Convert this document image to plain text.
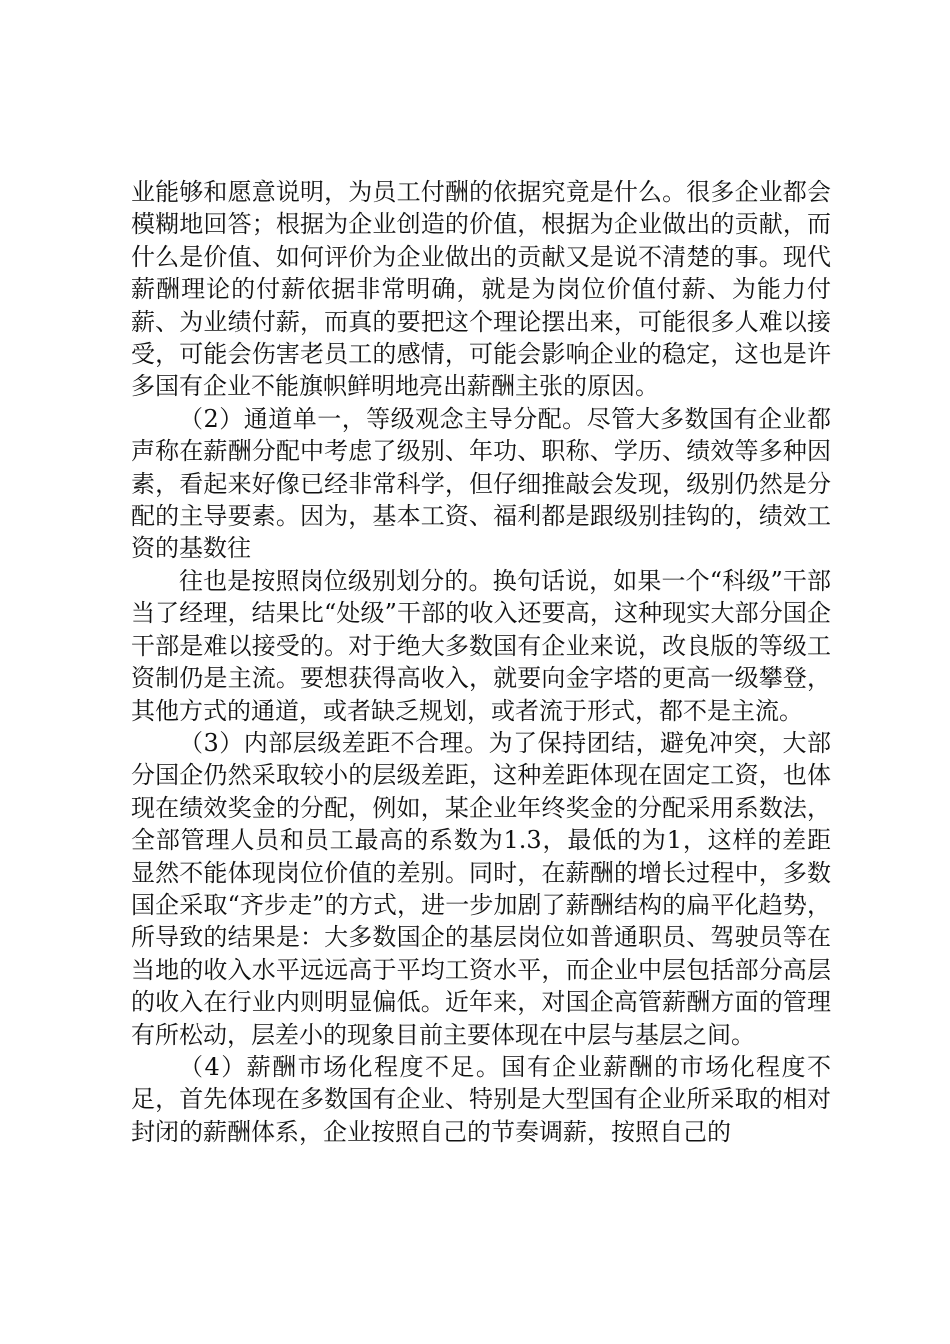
业能够和愿意说明，为员工付酬的依据究竟是什么。很多企业都会模糊地回答；根据为企业创造的价值，根据为企业做出的贡献，而什么是价值、如何评价为企业做出的贡献又是说不清楚的事。现代薪酬理论的付薪依据非常明确，就是为岗位价值付薪、为能力付薪、为业绩付薪，而真的要把这个理论摆出来，可能很多人难以接受，可能会伤害老员工的感情，可能会影响企业的稳定，这也是许多国有企业不能旗帜鲜明地亮出薪酬主张的原因。

（2）通道单一，等级观念主导分配。尽管大多数国有企业都声称在薪酬分配中考虑了级别、年功、职称、学历、绩效等多种因素，看起来好像已经非常科学，但仔细推敲会发现，级别仍然是分配的主导要素。因为，基本工资、福利都是跟级别挂钩的，绩效工资的基数往

往也是按照岗位级别划分的。换句话说，如果一个“科级”干部当了经理，结果比“处级”干部的收入还要高，这种现实大部分国企干部是难以接受的。对于绝大多数国有企业来说，改良版的等级工资制仍是主流。要想获得高收入，就要向金字塔的更高一级攀登，其他方式的通道，或者缺乏规划，或者流于形式，都不是主流。

（3）内部层级差距不合理。为了保持团结，避免冲突，大部分国企仍然采取较小的层级差距，这种差距体现在固定工资，也体现在绩效奖金的分配，例如，某企业年终奖金的分配采用系数法，全部管理人员和员工最高的系数为1.3，最低的为1，这样的差距显然不能体现岗位价值的差别。同时，在薪酬的增长过程中，多数国企采取“齐步走”的方式，进一步加剧了薪酬结构的扁平化趋势，所导致的结果是：大多数国企的基层岗位如普通职员、驾驶员等在当地的收入水平远远高于平均工资水平，而企业中层包括部分高层的收入在行业内则明显偏低。近年来，对国企高管薪酬方面的管理有所松动，层差小的现象目前主要体现在中层与基层之间。

（4）薪酬市场化程度不足。国有企业薪酬的市场化程度不足，首先体现在多数国有企业、特别是大型国有企业所采取的相对封闭的薪酬体系，企业按照自己的节奏调薪，按照自己的
